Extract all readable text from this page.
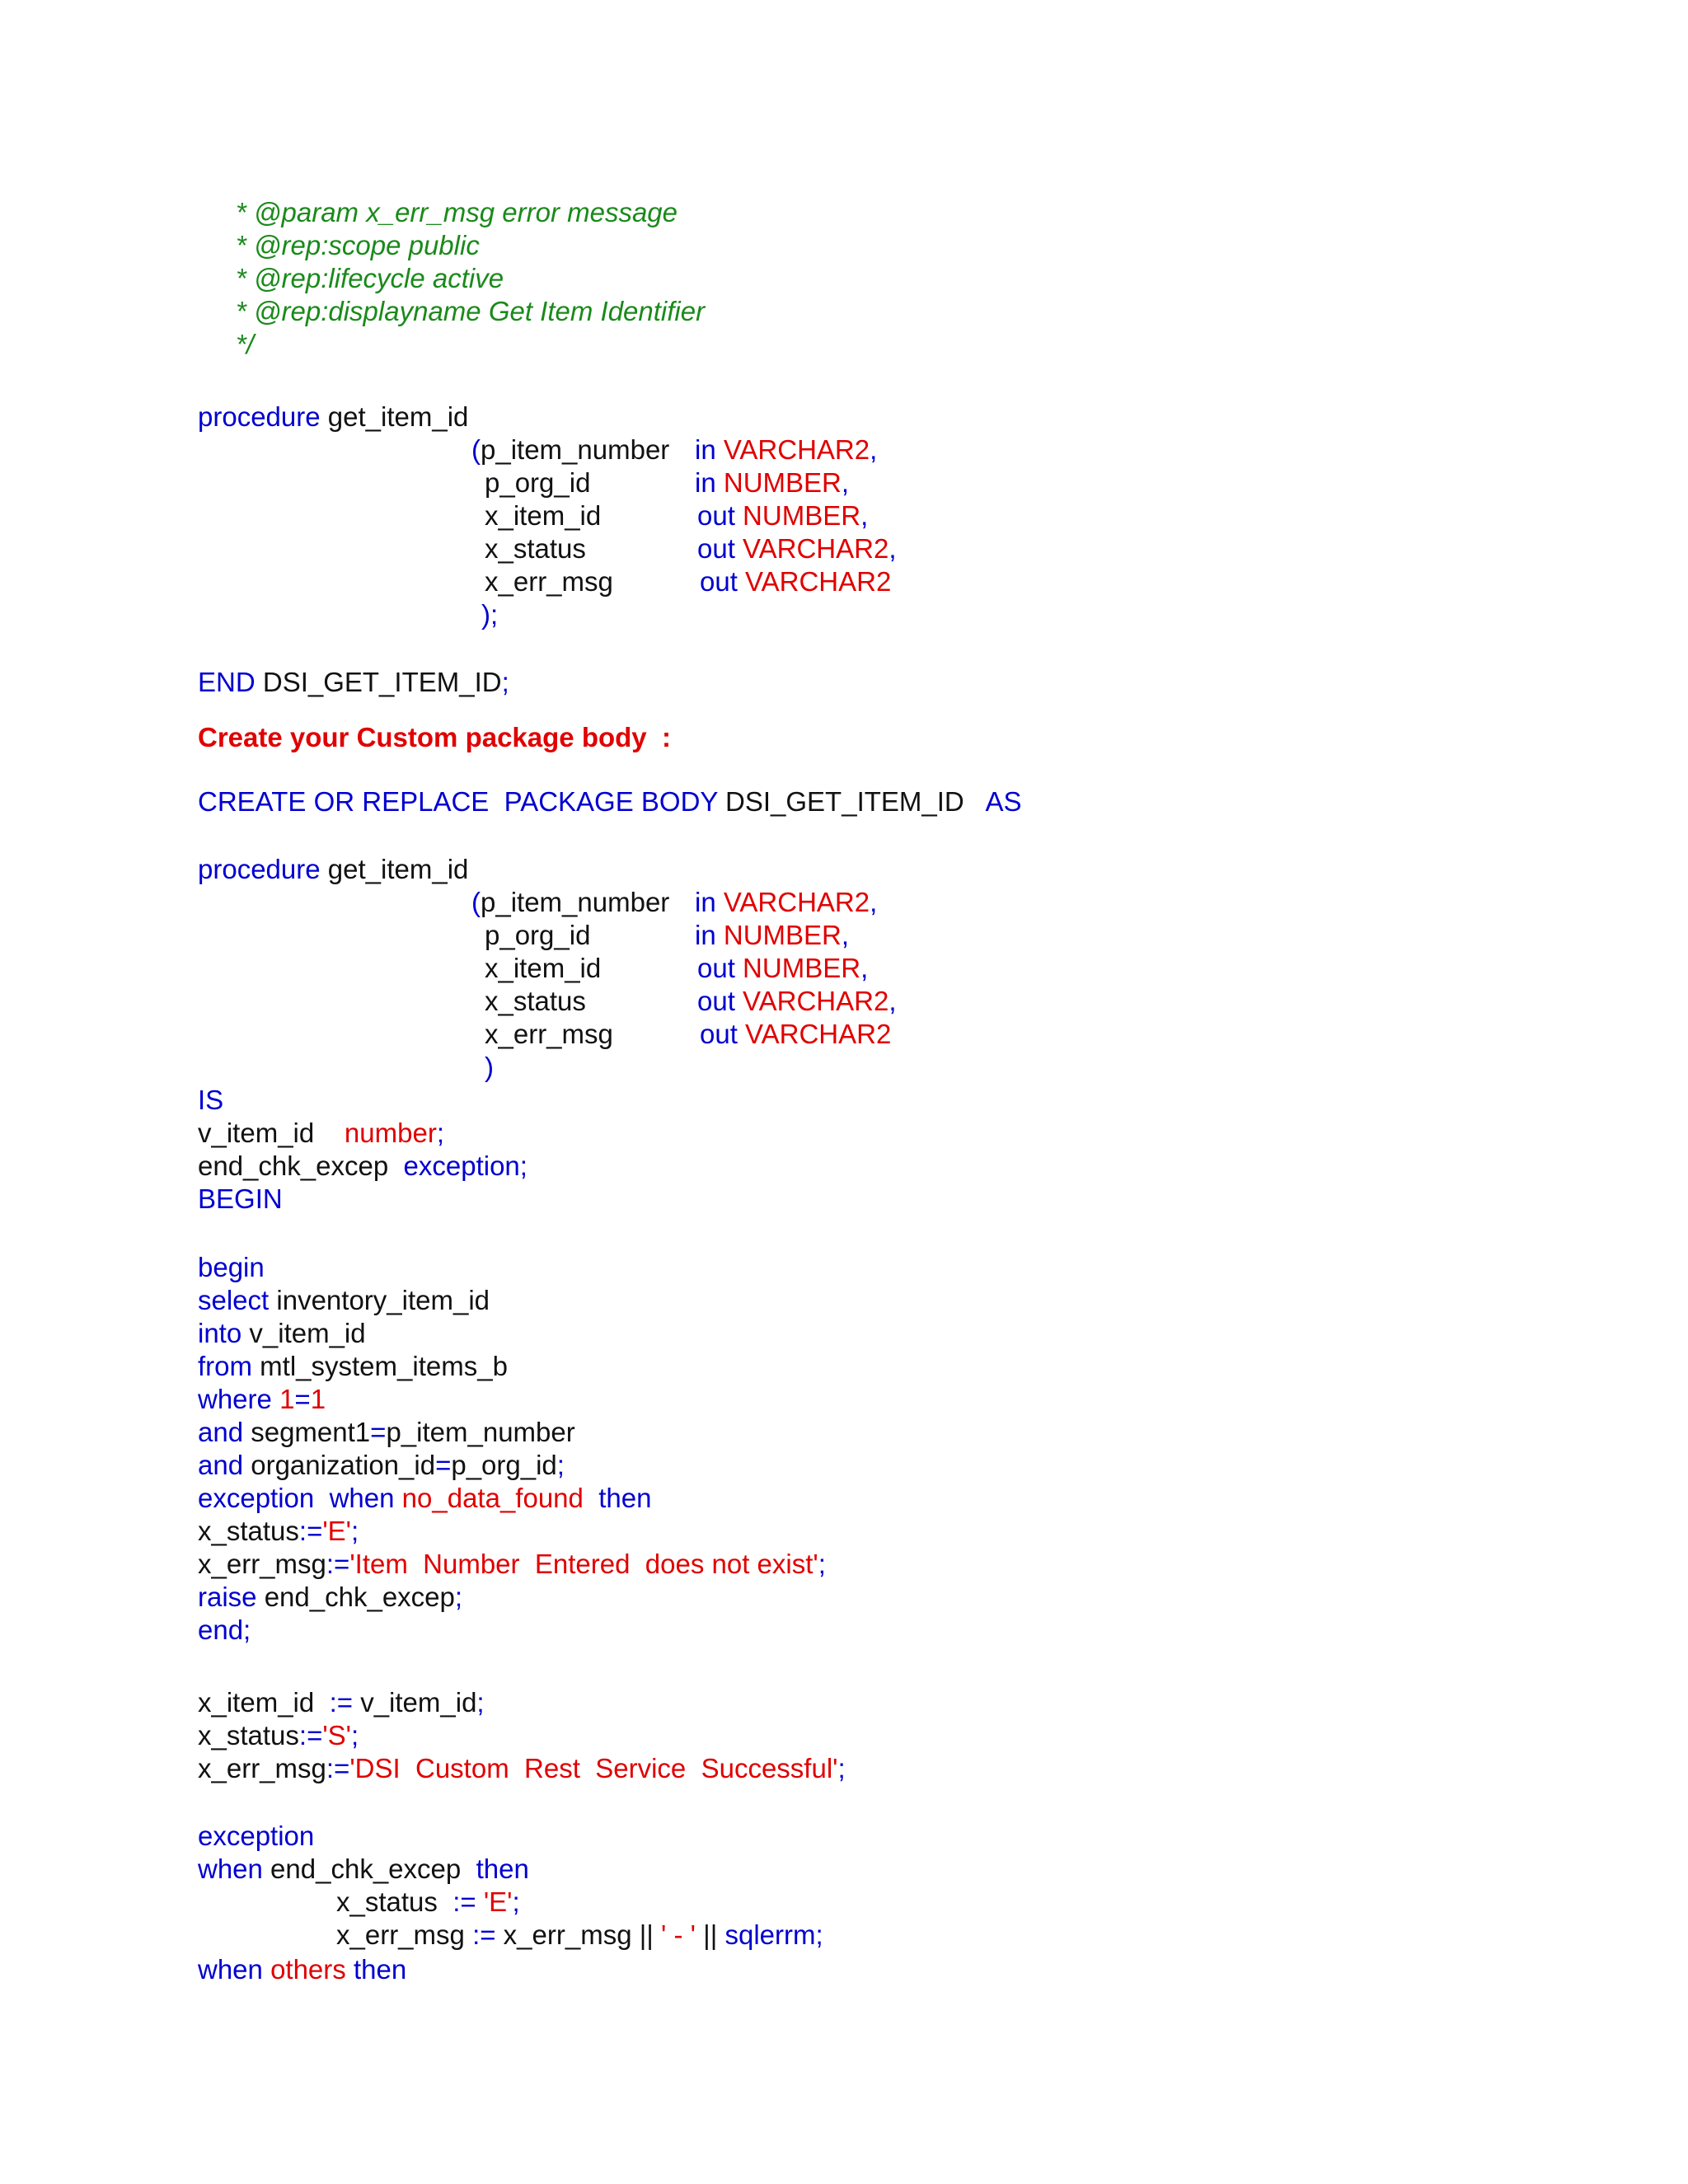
* @param x_err_msg error message
* @rep:scope public
* @rep:lifecycle active
* @rep:displayname Get Item Identifier
*/
procedure get_item_id
(p_item_number
p_org_id
x_item_id
x_status
x_err_msg
);
END DSI_GET_ITEM_ID;
CREATE OR REPLACE  PACKAGE BODY DSI_GET_ITEM_ID   AS
procedure get_item_id
(p_item_number
p_org_id
x_item_id
x_status
x_err_msg
)
IS
v_item_id    number;
end_chk_excep  exception;
BEGIN
begin
select inventory_item_id
into v_item_id
from mtl_system_items_b
where 1=1
and segment1=p_item_number
and organization_id=p_org_id;
exception  when no_data_found  then
x_status:='E';
x_err_msg:='Item  Number  Entered  does not exist';
raise end_chk_excep;
end;
x_item_id  := v_item_id;
x_status:='S';
x_err_msg:='DSI  Custom  Rest  Service  Successful';
exception
when end_chk_excep  then
x_status  := 'E';
x_err_msg := x_err_msg || ' - ' || sqlerrm;
when others then
in VARCHAR2,
in NUMBER,
out NUMBER,
out VARCHAR2,
out VARCHAR2
in VARCHAR2,
in NUMBER,
out NUMBER,
out VARCHAR2,
out VARCHAR2
Create your Custom package body  :
